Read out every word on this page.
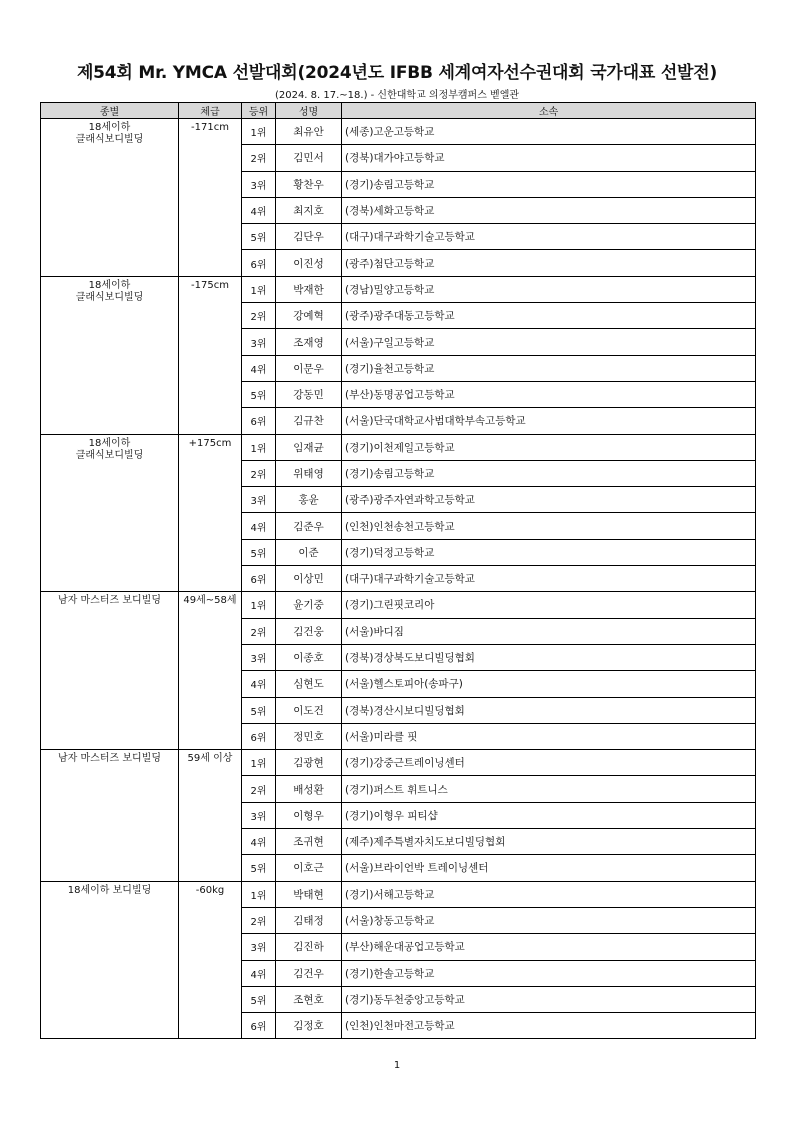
제54회 Mr. YMCA 선발대회(2024년도 IFBB 세계여자선수권대회 국가대표 선발전)
(2024. 8. 17.~18.) - 신한대학교 의정부캠퍼스 벧엘관
종별	체급	등위	성명	소속

18세이하
클래식보디빌딩	-171cm	1위	최유안	(세종)고운고등학교
		2위	김민서	(경북)대가야고등학교
		3위	황찬우	(경기)송림고등학교
		4위	최지호	(경북)세화고등학교
		5위	김단우	(대구)대구과학기술고등학교
		6위	이진성	(광주)첨단고등학교

18세이하
클래식보디빌딩	-175cm	1위	박재한	(경남)밀양고등학교
		2위	강예혁	(광주)광주대동고등학교
		3위	조재영	(서울)구일고등학교
		4위	이문우	(경기)율천고등학교
		5위	강동민	(부산)동명공업고등학교
		6위	김규찬	(서울)단국대학교사범대학부속고등학교

18세이하
클래식보디빌딩	+175cm	1위	임재균	(경기)이천제일고등학교
		2위	위태영	(경기)송림고등학교
		3위	홍윤	(광주)광주자연과학고등학교
		4위	김준우	(인천)인천송천고등학교
		5위	이준	(경기)덕정고등학교
		6위	이상민	(대구)대구과학기술고등학교

남자 마스터즈 보디빌딩	49세~58세	1위	윤기중	(경기)그린핏코리아
		2위	김건웅	(서울)바디짐
		3위	이종호	(경북)경상북도보디빌딩협회
		4위	심현도	(서울)헬스토피아(송파구)
		5위	이도건	(경북)경산시보디빌딩협회
		6위	정민호	(서울)미라클 핏

남자 마스터즈 보디빌딩	59세 이상	1위	김광현	(경기)강중근트레이닝센터
		2위	배성환	(경기)퍼스트 휘트니스
		3위	이형우	(경기)이형우 피티샵
		4위	조귀현	(제주)제주특별자치도보디빌딩협회
		5위	이호근	(서울)브라이언박 트레이닝센터

18세이하 보디빌딩	-60kg	1위	박태현	(경기)서해고등학교
		2위	김태정	(서울)창동고등학교
		3위	김진하	(부산)해운대공업고등학교
		4위	김건우	(경기)한솔고등학교
		5위	조현호	(경기)동두천중앙고등학교
		6위	김정호	(인천)인천마전고등학교
1
